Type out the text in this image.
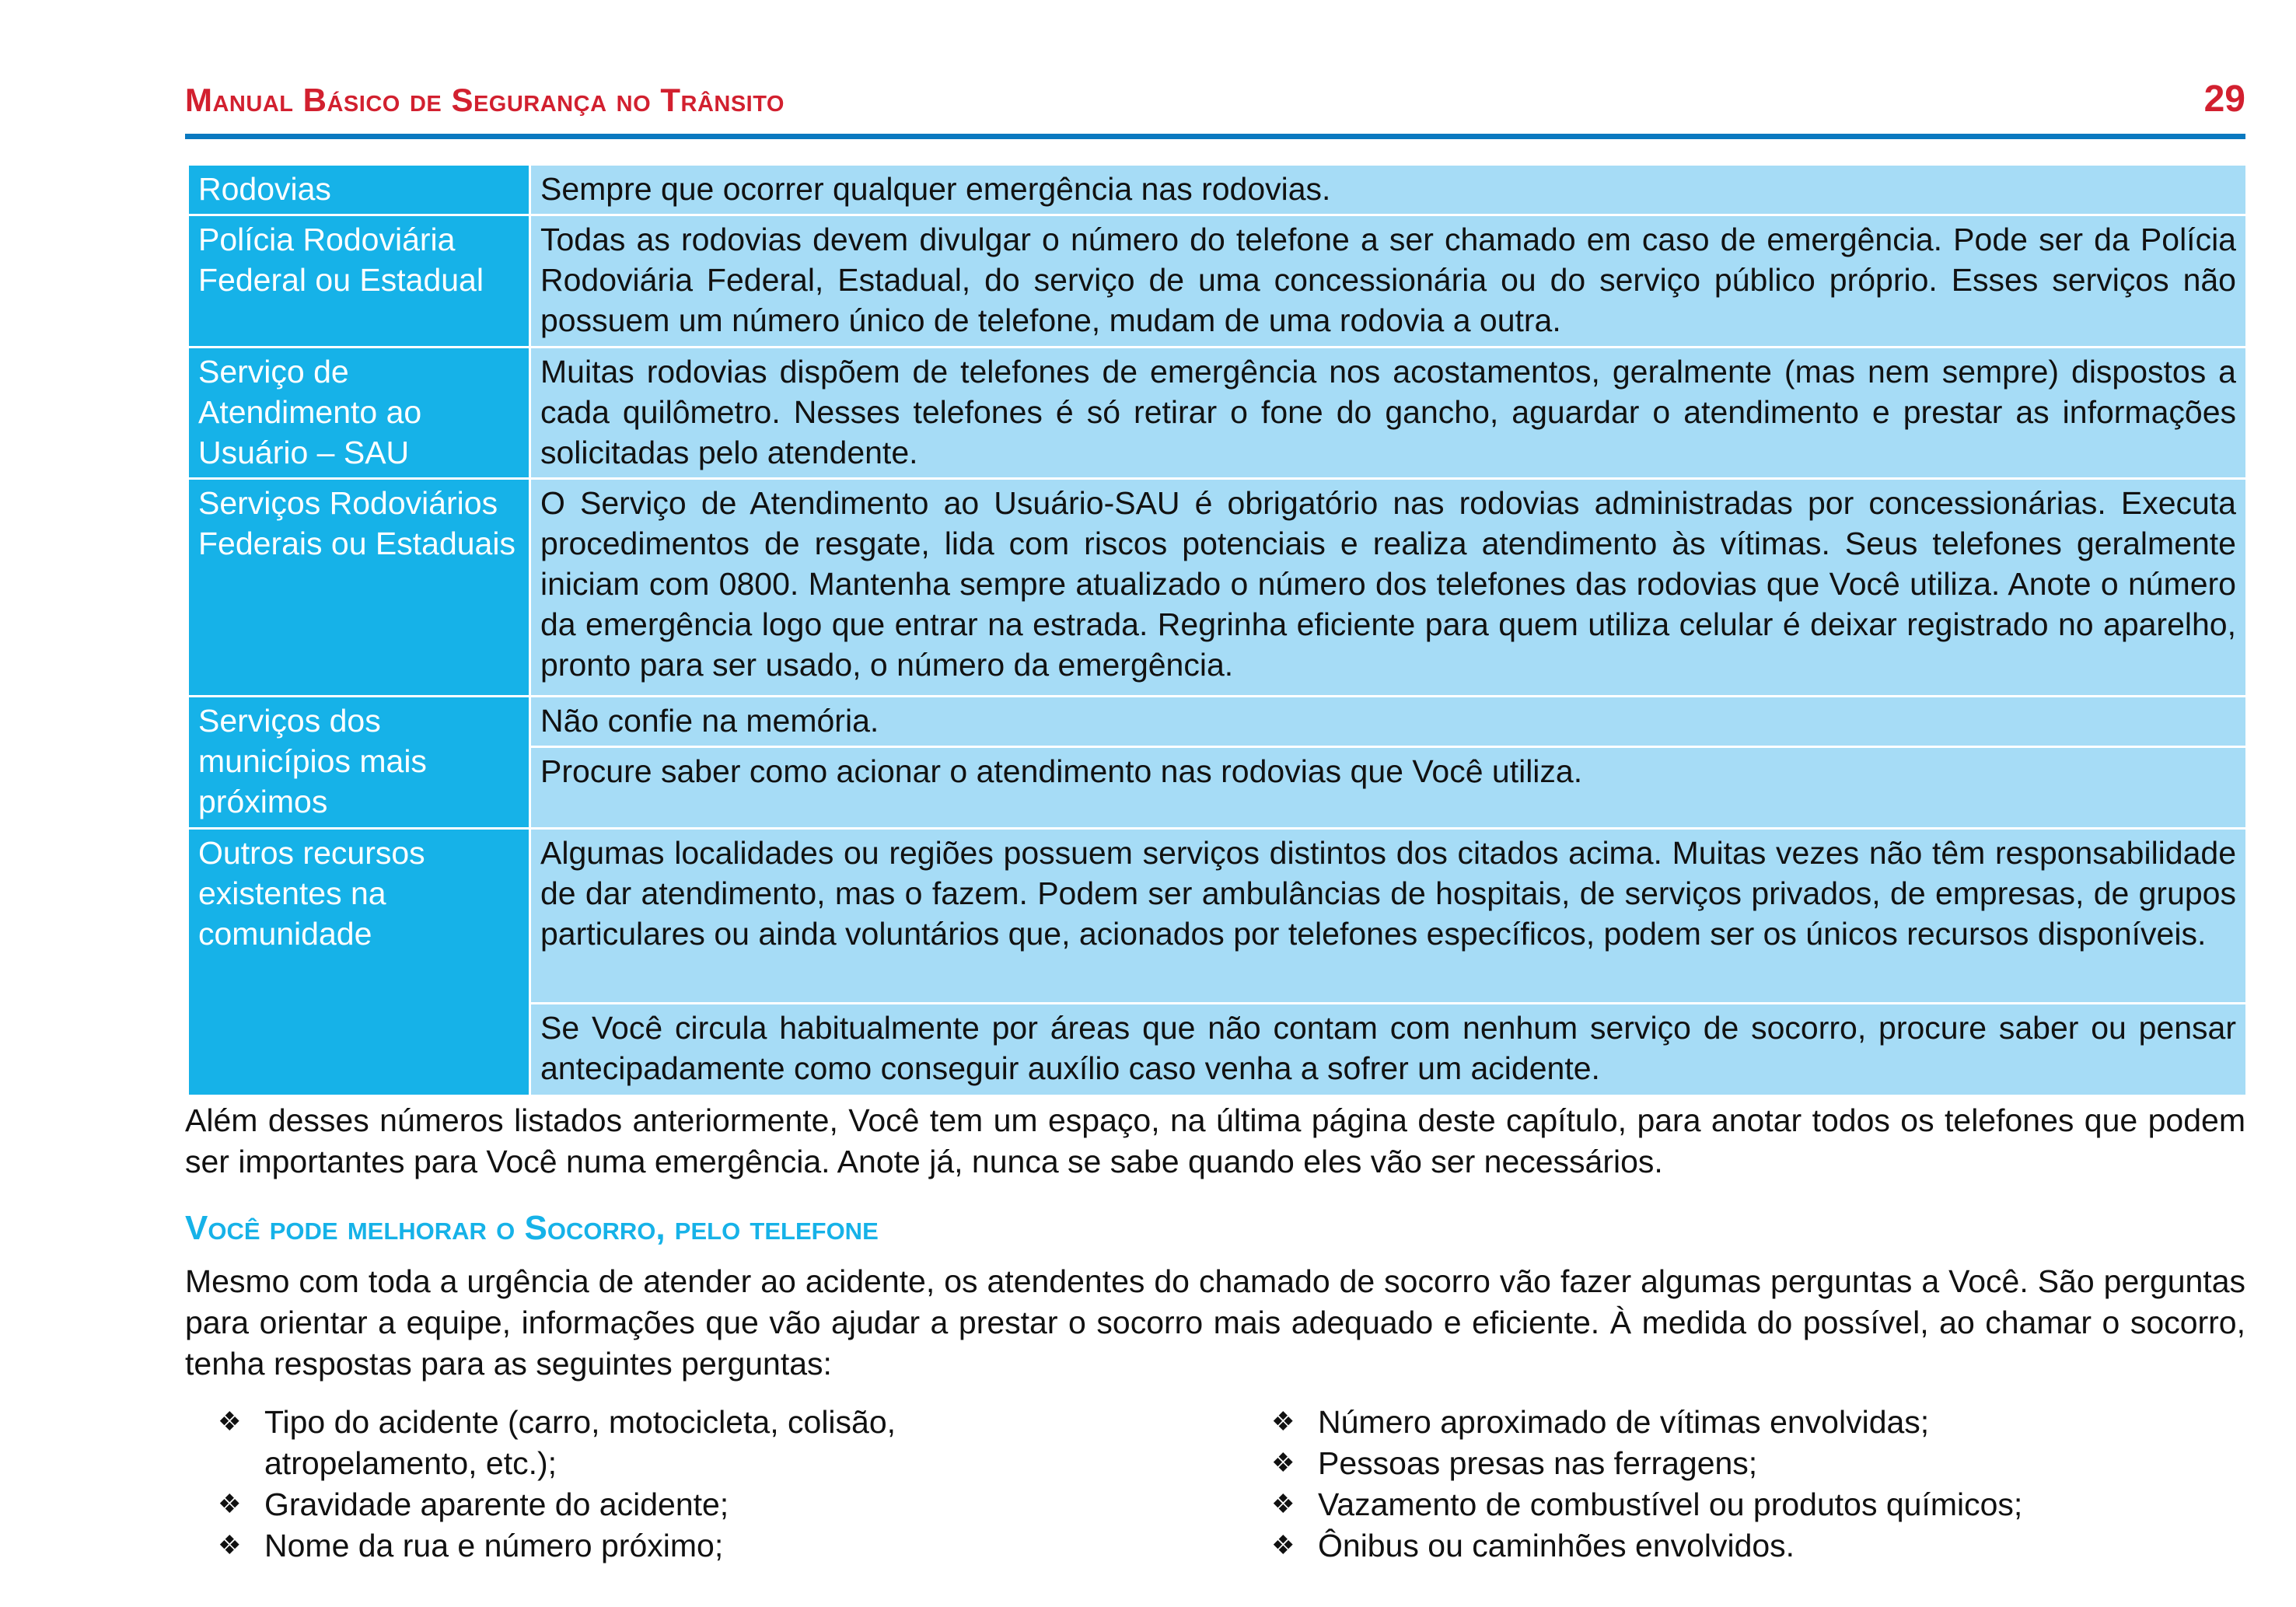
Manual Básico de Segurança no Trânsito	29
Rodovias	Sempre que ocorrer qualquer emergência nas rodovias.
Polícia Rodoviária Federal ou Estadual
Todas as rodovias devem divulgar o número do telefone a ser chamado em caso de emergência. Pode ser da Polícia Rodoviária Federal, Estadual, do serviço de uma concessionária ou do serviço público próprio. Esses serviços não possuem um número único de telefone, mudam de uma rodovia a outra.
Serviço de Atendimento ao Usuário – SAU
Muitas rodovias dispõem de telefones de emergência nos acostamentos, geralmente (mas nem sempre) dispostos a cada quilômetro. Nesses telefones é só retirar o fone do gancho, aguardar o atendimento e prestar as informações solicitadas pelo atendente.
Serviços Rodoviários Federais ou Estaduais
O Serviço de Atendimento ao Usuário-SAU é obrigatório nas rodovias administradas por concessionárias. Executa procedimentos de resgate, lida com riscos potenciais e realiza atendimento às vítimas. Seus telefones geralmente iniciam com 0800. Mantenha sempre atualizado o número dos telefones das rodovias que Você utiliza. Anote o número da emergência logo que entrar na estrada. Regrinha eficiente para quem utiliza celular é deixar registrado no aparelho, pronto para ser usado, o número da emergência.
Serviços dos municípios mais próximos
Não confie na memória.
Procure saber como acionar o atendimento nas rodovias que Você utiliza.
Outros recursos existentes na comunidade
Algumas localidades ou regiões possuem serviços distintos dos citados acima. Muitas vezes não têm responsabilidade de dar atendimento, mas o fazem. Podem ser ambulâncias de hospitais, de serviços privados, de empresas, de grupos particulares ou ainda voluntários que, acionados por telefones específicos, podem ser os únicos recursos disponíveis.
Se Você circula habitualmente por áreas que não contam com nenhum serviço de socorro, procure saber ou pensar antecipadamente como conseguir auxílio caso venha a sofrer um acidente.
Além desses números listados anteriormente, Você tem um espaço, na última página deste capítulo, para anotar todos os telefones que podem ser importantes para Você numa emergência. Anote já, nunca se sabe quando eles vão ser necessários.
Você pode melhorar o Socorro, pelo telefone
Mesmo com toda a urgência de atender ao acidente, os atendentes do chamado de socorro vão fazer algumas perguntas a Você. São perguntas para orientar a equipe, informações que vão ajudar a prestar o socorro mais adequado e eficiente. À medida do possível, ao chamar o socorro, tenha respostas para as seguintes perguntas:
❖ Tipo do acidente (carro, motocicleta, colisão, atropelamento, etc.);
❖ Gravidade aparente do acidente;
❖ Nome da rua e número próximo;
❖ Número aproximado de vítimas envolvidas;
❖ Pessoas presas nas ferragens;
❖ Vazamento de combustível ou produtos químicos;
❖ Ônibus ou caminhões envolvidos.
